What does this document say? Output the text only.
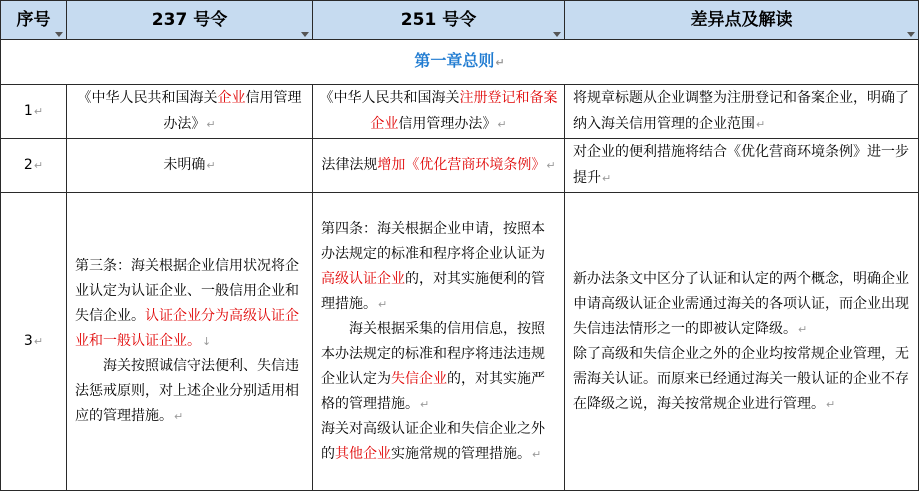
序号	237 号令	251 号令	差异点及解读

第一章总则↵			
1↵	《中华人民共和国海关企业信用管理办法》↵	《中华人民共和国海关注册登记和备案企业信用管理办法》↵	将规章标题从企业调整为注册登记和备案企业，明确了纳入海关信用管理的企业范围↵
2↵	未明确↵	法律法规增加《优化营商环境条例》↵	对企业的便利措施将结合《优化营商环境条例》进一步提升↵
3↵	第三条：海关根据企业信用状况将企业认定为认证企业、一般信用企业和失信企业。认证企业分为高级认证企业和一般认证企业。↓
海关按照诚信守法便利、失信违法惩戒原则，对上述企业分别适用相应的管理措施。↵	第四条：海关根据企业申请，按照本办法规定的标准和程序将企业认证为高级认证企业的，对其实施便利的管理措施。↵
海关根据采集的信用信息，按照本办法规定的标准和程序将违法违规企业认定为失信企业的，对其实施严格的管理措施。↵
海关对高级认证企业和失信企业之外的其他企业实施常规的管理措施。↵	新办法条文中区分了认证和认定的两个概念，明确企业申请高级认证企业需通过海关的各项认证，而企业出现失信违法情形之一的即被认定降级。↵
除了高级和失信企业之外的企业均按常规企业管理，无需海关认证。而原来已经通过海关一般认证的企业不存在降级之说，海关按常规企业进行管理。↵
